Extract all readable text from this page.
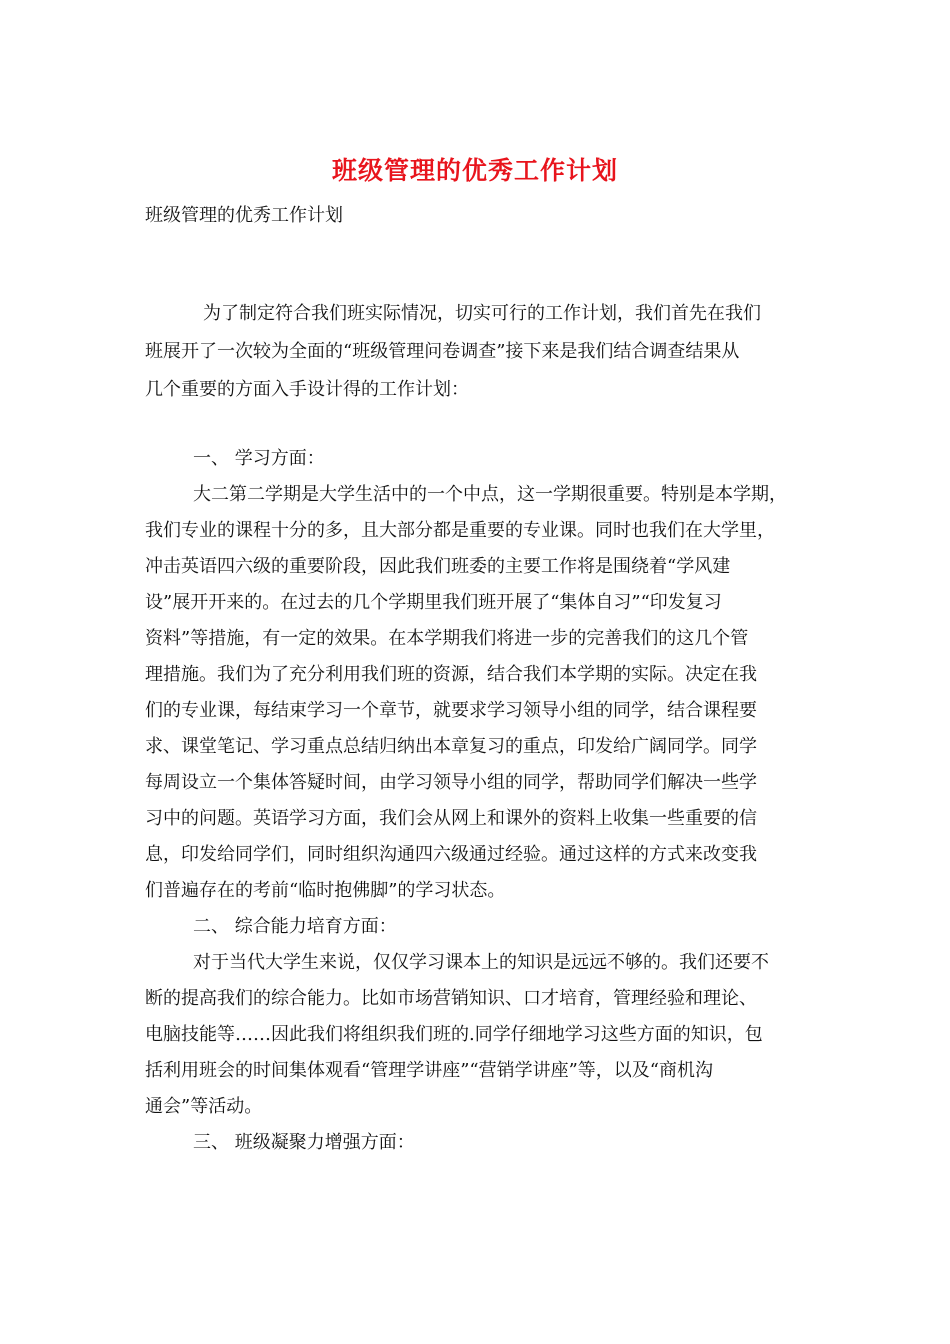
班级管理的优秀工作计划
班级管理的优秀工作计划
为了制定符合我们班实际情况，切实可行的工作计划，我们首先在我们
班展开了一次较为全面的“班级管理问卷调查”接下来是我们结合调查结果从
几个重要的方面入手设计得的工作计划：
一、 学习方面：
大二第二学期是大学生活中的一个中点，这一学期很重要。特别是本学期，
我们专业的课程十分的多，且大部分都是重要的专业课。同时也我们在大学里，
冲击英语四六级的重要阶段，因此我们班委的主要工作将是围绕着“学风建
设”展开开来的。在过去的几个学期里我们班开展了“集体自习”“印发复习
资料”等措施，有一定的效果。在本学期我们将进一步的完善我们的这几个管
理措施。我们为了充分利用我们班的资源，结合我们本学期的实际。决定在我
们的专业课，每结束学习一个章节，就要求学习领导小组的同学，结合课程要
求、课堂笔记、学习重点总结归纳出本章复习的重点，印发给广阔同学。同学
每周设立一个集体答疑时间，由学习领导小组的同学，帮助同学们解决一些学
习中的问题。英语学习方面，我们会从网上和课外的资料上收集一些重要的信
息，印发给同学们，同时组织沟通四六级通过经验。通过这样的方式来改变我
们普遍存在的考前“临时抱佛脚”的学习状态。
二、 综合能力培育方面：
对于当代大学生来说，仅仅学习课本上的知识是远远不够的。我们还要不
断的提高我们的综合能力。比如市场营销知识、口才培育，管理经验和理论、
电脑技能等……因此我们将组织我们班的.同学仔细地学习这些方面的知识，包
括利用班会的时间集体观看“管理学讲座”“营销学讲座”等，以及“商机沟
通会”等活动。
三、 班级凝聚力增强方面：
